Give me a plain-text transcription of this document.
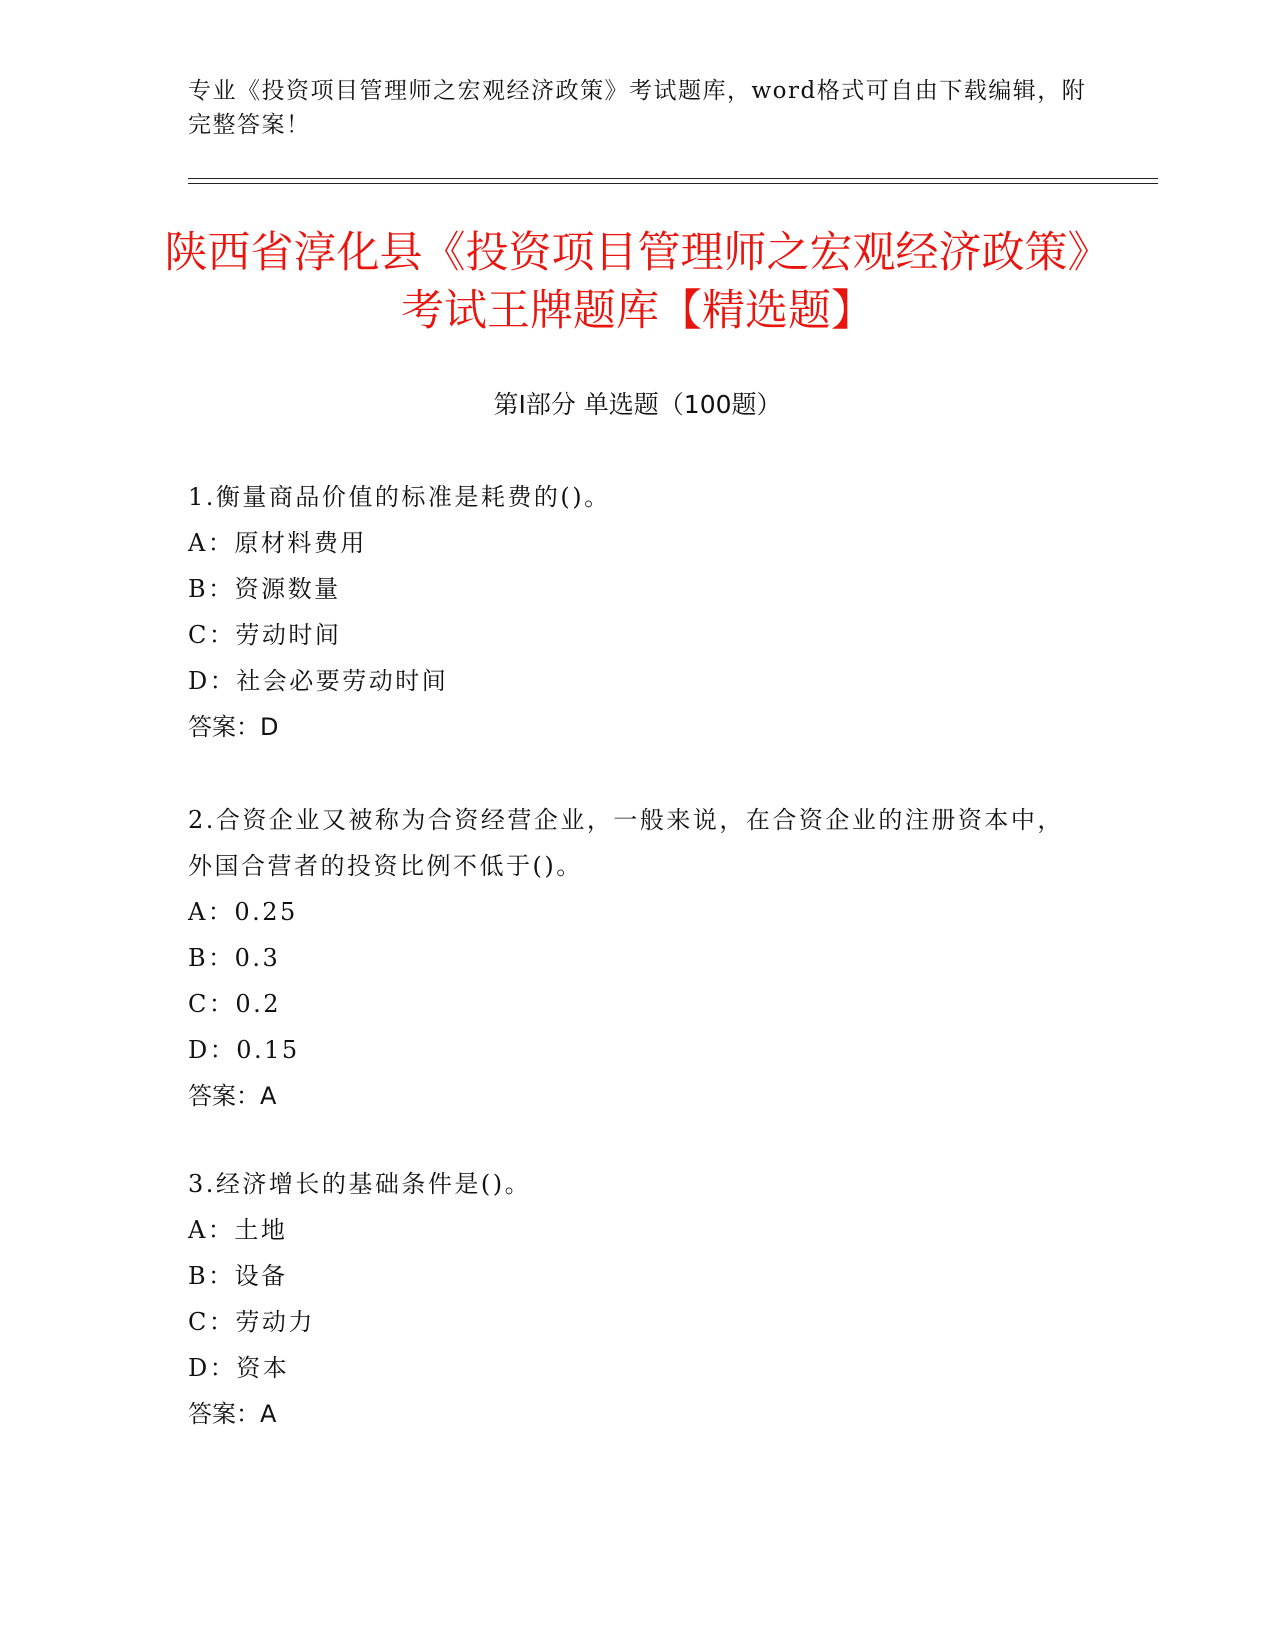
专业《投资项目管理师之宏观经济政策》考试题库，word格式可自由下载编辑，附完整答案！
陕西省淳化县《投资项目管理师之宏观经济政策》考试王牌题库【精选题】
第Ⅰ部分 单选题（100题）

1.衡量商品价值的标准是耗费的()。

A：原材料费用

B：资源数量

C：劳动时间

D：社会必要劳动时间

答案：D

2.合资企业又被称为合资经营企业，一般来说，在合资企业的注册资本中，外国合营者的投资比例不低于()。

A：0.25

B：0.3

C：0.2

D：0.15

答案：A

3.经济增长的基础条件是()。

A：土地

B：设备

C：劳动力

D：资本

答案：A
